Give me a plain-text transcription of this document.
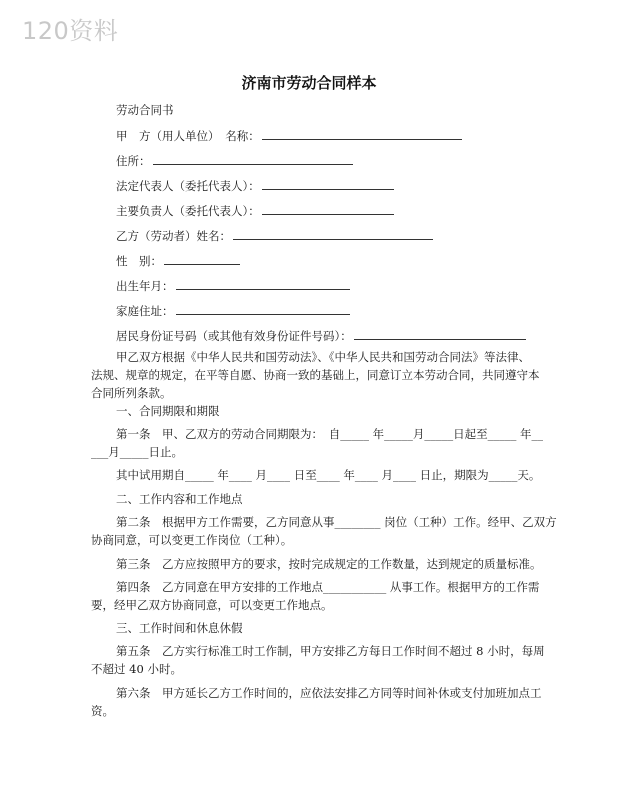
120资料
济南市劳动合同样本
劳动合同书
甲　方（用人单位）　名称：
住所：
法定代表人（委托代表人）：
主要负责人（委托代表人）：
乙方（劳动者）姓名：
性　别：
出生年月：
家庭住址：
居民身份证号码（或其他有效身份证件号码）：
甲乙双方根据《中华人民共和国劳动法》、《中华人民共和国劳动合同法》等法律、
法规、规章的规定，在平等自愿、协商一致的基础上，同意订立本劳动合同，共同遵守本
合同所列条款。
一、合同期限和期限
第一条　甲、乙双方的劳动合同期限为：　自_____ 年_____月_____日起至_____ 年__
___月_____日止。
其中试用期自_____ 年____ 月____ 日至____ 年____ 月____ 日止，期限为_____天。
二、工作内容和工作地点
第二条　根据甲方工作需要，乙方同意从事________ 岗位（工种）工作。经甲、乙双方
协商同意，可以变更工作岗位（工种）。
第三条　乙方应按照甲方的要求，按时完成规定的工作数量，达到规定的质量标准。
第四条　乙方同意在甲方安排的工作地点___________ 从事工作。根据甲方的工作需
要，经甲乙双方协商同意，可以变更工作地点。
三、工作时间和休息休假
第五条　乙方实行标准工时工作制，甲方安排乙方每日工作时间不超过 8 小时，每周
不超过 40 小时。
第六条　甲方延长乙方工作时间的，应依法安排乙方同等时间补休或支付加班加点工
资。
